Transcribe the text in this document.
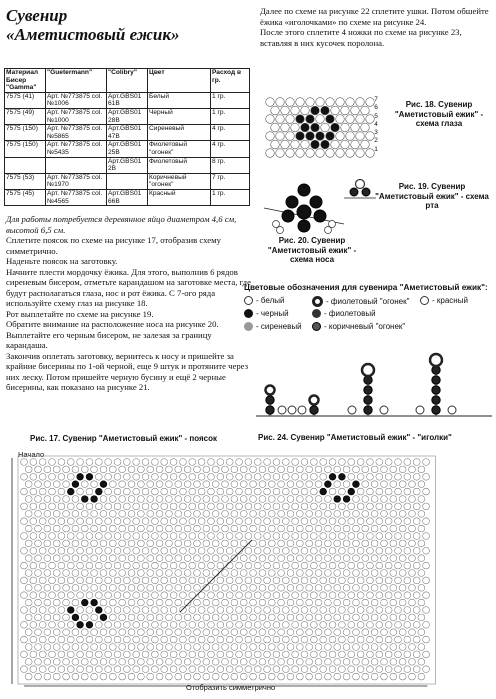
Сувенир
«Аметистовый ежик»
Материал Бисер "Gamma"	"Guetermann"	"Colibry"	Цвет	Расход в гр.
7575 (41)	Арт. №773875 col. №1006	Арт.GBS01 61B	Белый	1 гр.
7575 (49)	Арт. №773875 col. №1000	Арт.GBS01 28B	Черный	1 гр.
7575 (150)	Арт. №773875 col. №5865	Арт.GBS01 47B	Сиреневый	4 гр.
7575 (150)	Арт. №773875 col. №5435	Арт.GBS01 25B	Фиолетовый "огонек"	4 гр.
		Арт.GBS01 2B	Фиолетовый	8 гр.
7575 (53)	Арт. №773875 col. №1970		Коричневый "огонек"	7 гр.
7575 (45)	Арт. №773875 col. №4565	Арт.GBS01 66B	Красный	1 гр.

Для работы потребуется деревянное яйцо диаметром 4,6 см, высотой 6,5 см.

Сплетите поясок по схеме на рисунке 17, отобразив схему симметрично.

Наденьте поясок на заготовку.

Начните плести мордочку ёжика. Для этого, выполнив 6 рядов сиреневым бисером, отметьте карандашом на заготовке места, где будут располагаться глаза, нос и рот ёжика. С 7-ого ряда используйте схему глаз на рисунке 18.

Рот выплетайте по схеме на рисунке 19.

Обратите внимание на расположение носа на рисунке 20. Выплетайте его черным бисером, не залезая за границу карандаша.

Закончив оплетать заготовку, вернитесь к носу и пришейте за крайние бисерины по 1-ой черной, еще 9 штук и протяните через них леску. Потом пришейте черную бусину и ещё 2 черные бисерины, как показано на рисунке 21.

Далее по схеме на рисунке 22 сплетите ушки. Потом обшейте ёжика «иголочками» по схеме на рисунке 24.

После этого сплетите 4 ножки по схеме на рисунке 23, вставляя в них кусочек поролона.

7
6
5
4
3
2
1
Рис. 18. Сувенир "Аметистовый ежик" - схема глаза
Рис. 20. Сувенир "Аметистовый ежик" - схема носа
Рис. 19. Сувенир "Аметистовый ежик" - схема рта
Цветовые обозначения для сувенира "Аметистовый ежик":
- белый	- фиолетовый "огонек"	- красный
- черный	- фиолетовый
- сиреневый	- коричневый "огонек"
Рис. 24. Сувенир "Аметистовый ежик" - "иголки"
Рис. 17. Сувенир "Аметистовый ежик" - поясок
Начало
Отобразить симметрично
